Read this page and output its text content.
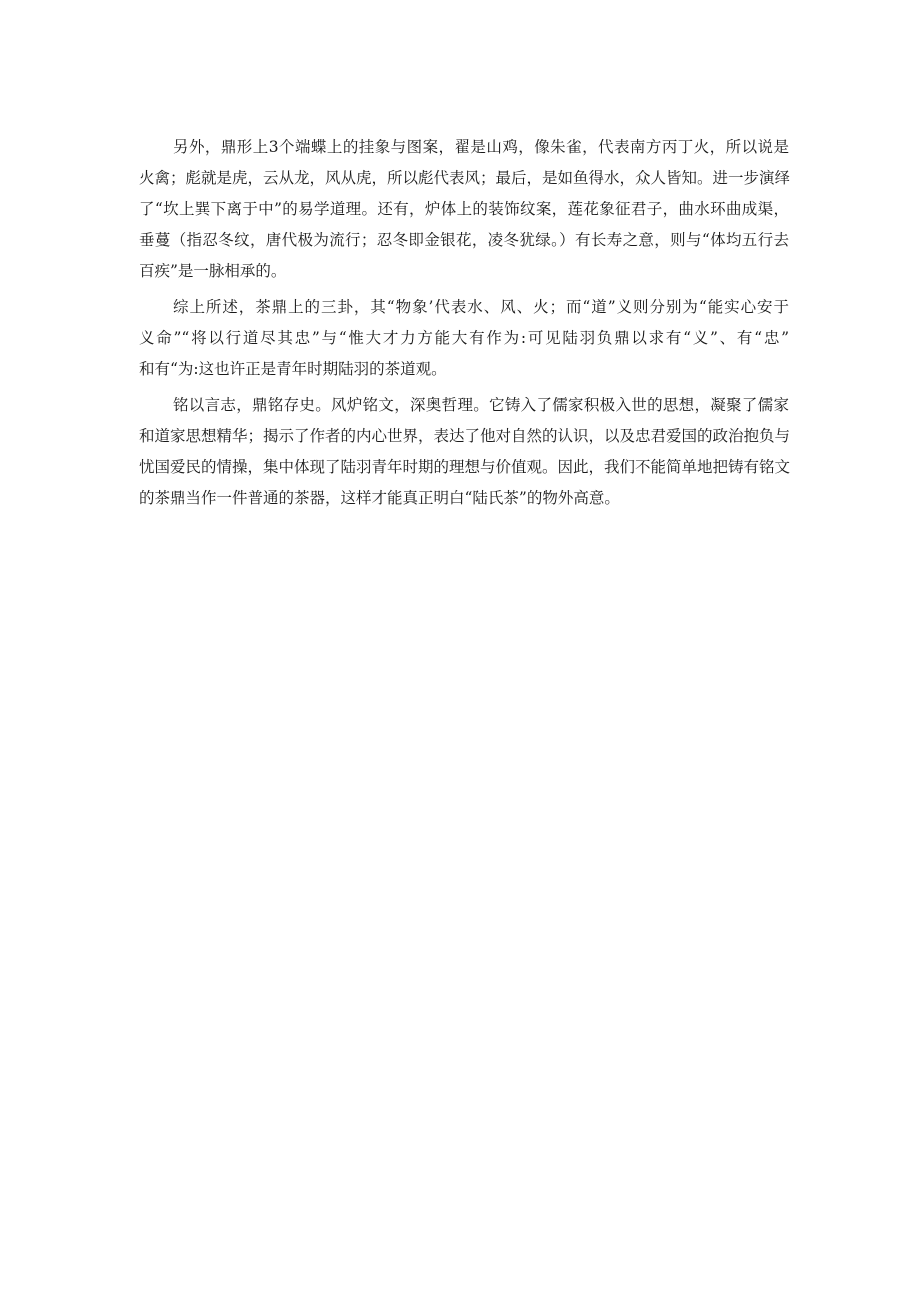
另外，鼎形上3个端蝶上的挂象与图案，翟是山鸡，像朱雀，代表南方丙丁火，所以说是
火禽；彪就是虎，云从龙，风从虎，所以彪代表风；最后，是如鱼得水，众人皆知。进一步演绎
了“坎上巽下离于中”的易学道理。还有，炉体上的装饰纹案，莲花象征君子，曲水环曲成渠，
垂蔓（指忍冬纹，唐代极为流行；忍冬即金银花，凌冬犹绿。）有长寿之意，则与“体均五行去
百疾”是一脉相承的。
综上所述，茶鼎上的三卦，其“物象’代表水、风、火；而“道”义则分别为“能实心安于
义命”“将以行道尽其忠”与“惟大才力方能大有作为:可见陆羽负鼎以求有“义”、有“忠”
和有“为:这也许正是青年时期陆羽的茶道观。
铭以言志，鼎铭存史。风炉铭文，深奥哲理。它铸入了儒家积极入世的思想，凝聚了儒家
和道家思想精华；揭示了作者的内心世界，表达了他对自然的认识，以及忠君爱国的政治抱负与
忧国爱民的情操，集中体现了陆羽青年时期的理想与价值观。因此，我们不能简单地把铸有铭文
的茶鼎当作一件普通的茶器，这样才能真正明白“陆氏茶”的物外高意。
